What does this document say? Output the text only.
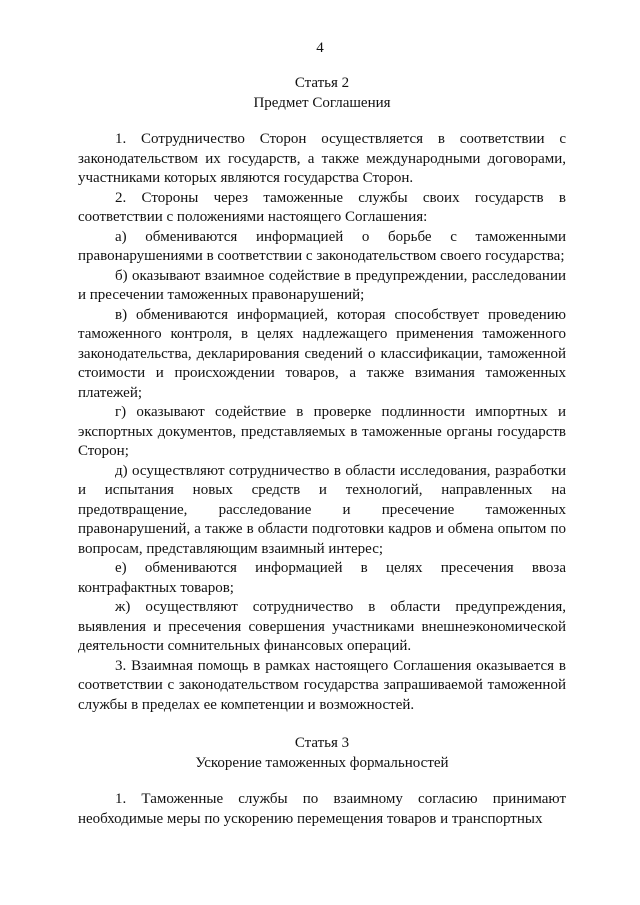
4

Статья 2

Предмет Соглашения

1. Сотрудничество Сторон осуществляется в соответствии с законодательством их государств, а также международными договорами, участниками которых являются государства Сторон.

2. Стороны через таможенные службы своих государств в соответствии с положениями настоящего Соглашения:

а) обмениваются информацией о борьбе с таможенными правонарушениями в соответствии с законодательством своего государства;

б) оказывают взаимное содействие в предупреждении, расследовании и пресечении таможенных правонарушений;

в) обмениваются информацией, которая способствует проведению таможенного контроля, в целях надлежащего применения таможенного законодательства, декларирования сведений о классификации, таможенной стоимости и происхождении товаров, а также взимания таможенных платежей;

г) оказывают содействие в проверке подлинности импортных и экспортных документов, представляемых в таможенные органы государств Сторон;

д) осуществляют сотрудничество в области исследования, разработки и испытания новых средств и технологий, направленных на предотвращение, расследование и пресечение таможенных правонарушений, а также в области подготовки кадров и обмена опытом по вопросам, представляющим взаимный интерес;

е) обмениваются информацией в целях пресечения ввоза контрафактных товаров;

ж) осуществляют сотрудничество в области предупреждения, выявления и пресечения совершения участниками внешнеэкономической деятельности сомнительных финансовых операций.

3. Взаимная помощь в рамках настоящего Соглашения оказывается в соответствии с законодательством государства запрашиваемой таможенной службы в пределах ее компетенции и возможностей.

Статья 3

Ускорение таможенных формальностей

1. Таможенные службы по взаимному согласию принимают необходимые меры по ускорению перемещения товаров и транспортных
